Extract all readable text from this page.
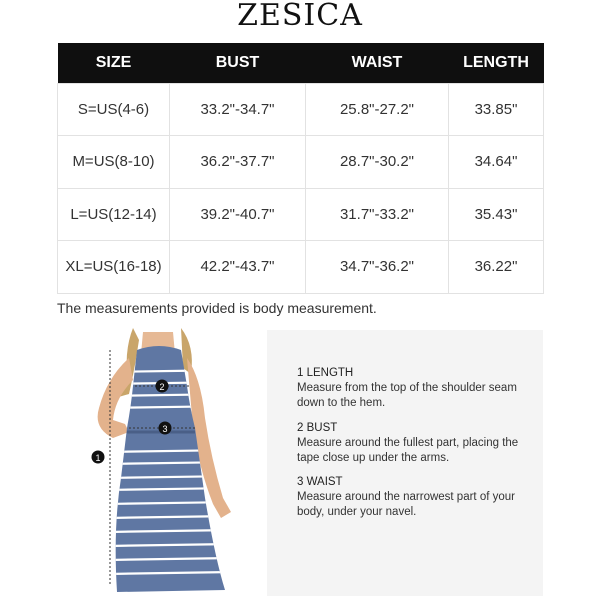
ZESICA
SIZE	BUST	WAIST	LENGTH
S=US(4-6)	33.2"-34.7"	25.8"-27.2"	33.85"
M=US(8-10)	36.2"-37.7"	28.7"-30.2"	34.64"
L=US(12-14)	39.2"-40.7"	31.7"-33.2"	35.43"
XL=US(16-18)	42.2"-43.7"	34.7"-36.2"	36.22"
The measurements provided is body measurement.
1
2
3
1 LENGTH
Measure from the top of the shoulder seam down to the hem.
2 BUST
Measure around the fullest part, placing the tape close up under the arms.
3 WAIST
Measure around the narrowest part of your body, under your navel.
